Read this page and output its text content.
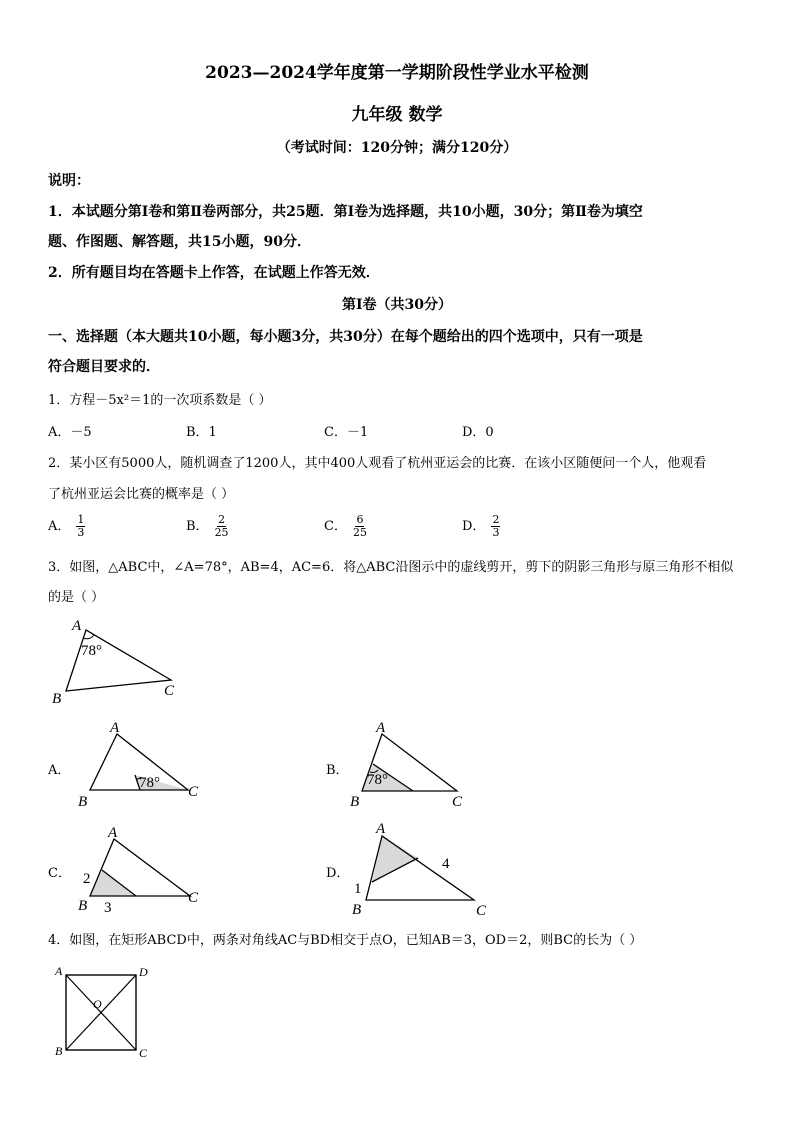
2023—2024学年度第一学期阶段性学业水平检测
九年级 数学
（考试时间：120分钟；满分120分）
说明：
1．本试题分第Ⅰ卷和第Ⅱ卷两部分，共25题．第Ⅰ卷为选择题，共10小题，30分；第Ⅱ卷为填空
题、作图题、解答题，共15小题，90分．
2．所有题目均在答题卡上作答，在试题上作答无效．
第Ⅰ卷（共30分）
一、选择题（本大题共10小题，每小题3分，共30分）在每个题给出的四个选项中，只有一项是
符合题目要求的．
1．方程－5x²＝1的一次项系数是（ ）
A．－5	B．1	C．－1	D．0
2．某小区有5000人，随机调查了1200人，其中400人观看了杭州亚运会的比赛．在该小区随便问一个人，他观看
了杭州亚运会比赛的概率是（ ）
A． $\frac{1}{3}$	B． $\frac{2}{25}$	C． $\frac{6}{25}$	D． $\frac{2}{3}$
3．如图，△ABC中，∠A=78°，AB=4，AC=6．将△ABC沿图示中的虚线剪开，剪下的阴影三角形与原三角形不相似
的是（ ）
A
78°
B	C
A．
A
78°
B
C
B．
A
78°
B	C
C．
A
2
B 3
C
D．
A
4
1
B	C
4．如图，在矩形ABCD中，两条对角线AC与BD相交于点O，已知AB＝3，OD＝2，则BC的长为（ ）
A	D
O
B	C
